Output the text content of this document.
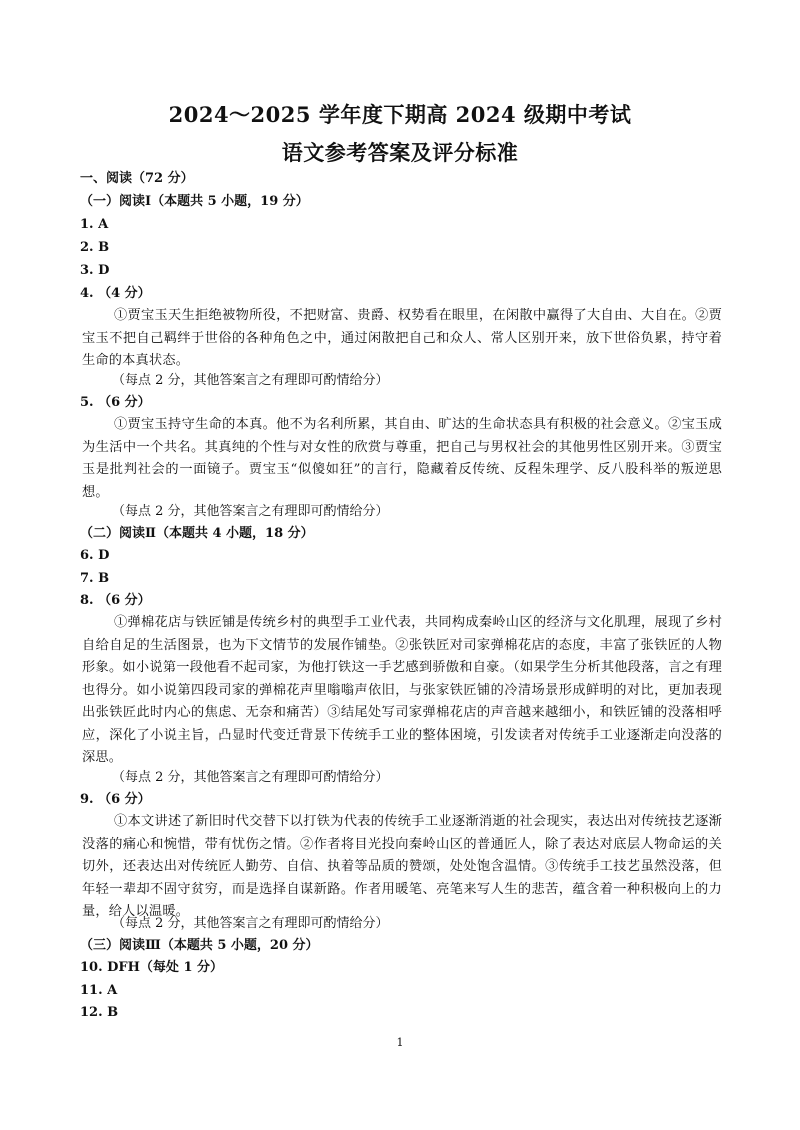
2024～2025 学年度下期高 2024 级期中考试
语文参考答案及评分标准
一、阅读（72 分）
（一）阅读Ⅰ（本题共 5 小题，19 分）
1. A
2. B
3. D
4. （4 分）
①贾宝玉天生拒绝被物所役，不把财富、贵爵、权势看在眼里，在闲散中赢得了大自由、大自在。②贾宝玉不把自己羁绊于世俗的各种角色之中，通过闲散把自己和众人、常人区别开来，放下世俗负累，持守着生命的本真状态。
（每点 2 分，其他答案言之有理即可酌情给分）
5. （6 分）
①贾宝玉持守生命的本真。他不为名利所累，其自由、旷达的生命状态具有积极的社会意义。②宝玉成为生活中一个共名。其真纯的个性与对女性的欣赏与尊重，把自己与男权社会的其他男性区别开来。③贾宝玉是批判社会的一面镜子。贾宝玉“似傻如狂”的言行，隐藏着反传统、反程朱理学、反八股科举的叛逆思想。
（每点 2 分，其他答案言之有理即可酌情给分）
（二）阅读Ⅱ（本题共 4 小题，18 分）
6. D
7. B
8. （6 分）
①弹棉花店与铁匠铺是传统乡村的典型手工业代表，共同构成秦岭山区的经济与文化肌理，展现了乡村自给自足的生活图景，也为下文情节的发展作铺垫。②张铁匠对司家弹棉花店的态度，丰富了张铁匠的人物形象。如小说第一段他看不起司家，为他打铁这一手艺感到骄傲和自豪。（如果学生分析其他段落，言之有理也得分。如小说第四段司家的弹棉花声里嗡嗡声依旧，与张家铁匠铺的冷清场景形成鲜明的对比，更加表现出张铁匠此时内心的焦虑、无奈和痛苦）③结尾处写司家弹棉花店的声音越来越细小，和铁匠铺的没落相呼应，深化了小说主旨，凸显时代变迁背景下传统手工业的整体困境，引发读者对传统手工业逐渐走向没落的深思。
（每点 2 分，其他答案言之有理即可酌情给分）
9. （6 分）
①本文讲述了新旧时代交替下以打铁为代表的传统手工业逐渐消逝的社会现实，表达出对传统技艺逐渐没落的痛心和惋惜，带有忧伤之情。②作者将目光投向秦岭山区的普通匠人，除了表达对底层人物命运的关切外，还表达出对传统匠人勤劳、自信、执着等品质的赞颂，处处饱含温情。③传统手工技艺虽然没落，但年轻一辈却不固守贫穷，而是选择自谋新路。作者用暖笔、亮笔来写人生的悲苦，蕴含着一种积极向上的力量，给人以温暖。
（每点 2 分，其他答案言之有理即可酌情给分）
（三）阅读Ⅲ（本题共 5 小题，20 分）
10. DFH（每处 1 分）
11. A
12. B
1
